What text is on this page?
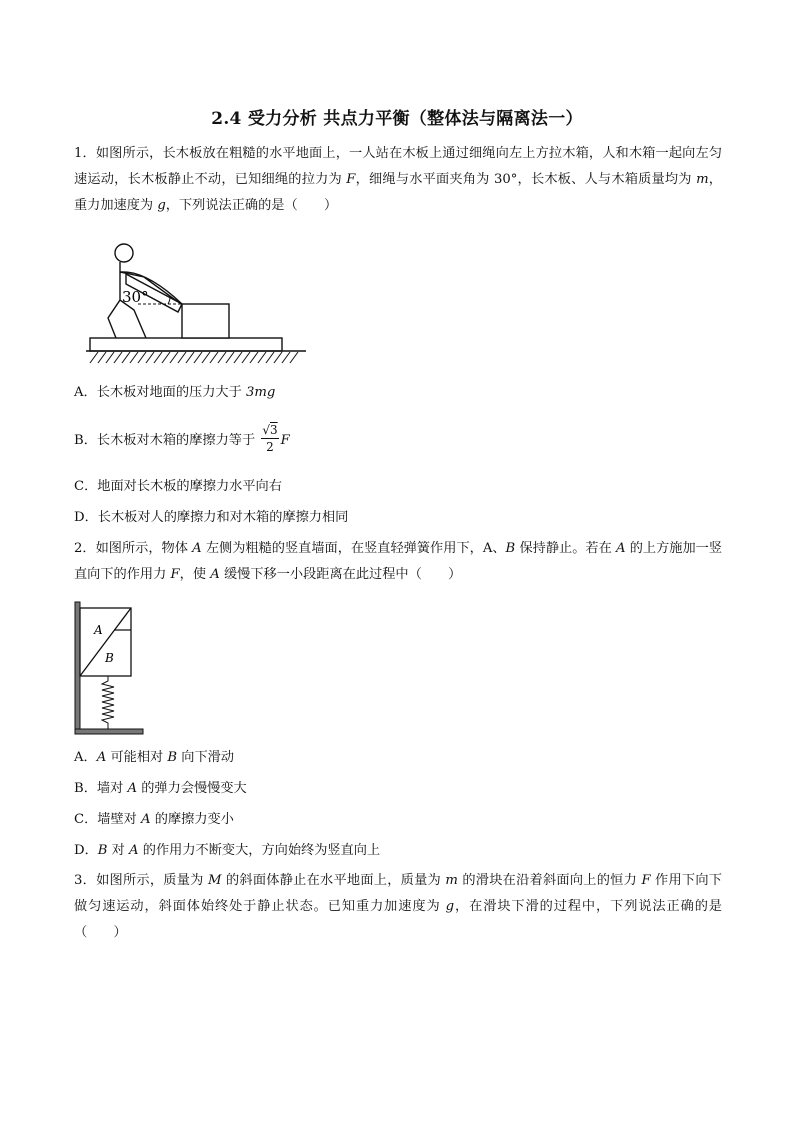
2.4 受力分析 共点力平衡（整体法与隔离法一）

1．如图所示，长木板放在粗糙的水平地面上，一人站在木板上通过细绳向左上方拉木箱，人和木箱一起向左匀速运动，长木板静止不动，已知细绳的拉力为 F，细绳与水平面夹角为 30°，长木板、人与木箱质量均为 m，重力加速度为 g，下列说法正确的是（　　）

30°
A．长木板对地面的压力大于 3mg
B．长木板对木箱的摩擦力等于 $\frac{√3}{2}$ F
C．地面对长木板的摩擦力水平向右
D．长木板对人的摩擦力和对木箱的摩擦力相同

2．如图所示，物体 A 左侧为粗糙的竖直墙面，在竖直轻弹簧作用下，A、B 保持静止。若在 A 的上方施加一竖直向下的作用力 F，使 A 缓慢下移一小段距离在此过程中（　　）

A
B
A．A 可能相对 B 向下滑动
B．墙对 A 的弹力会慢慢变大
C．墙壁对 A 的摩擦力变小
D．B 对 A 的作用力不断变大，方向始终为竖直向上

3．如图所示，质量为 M 的斜面体静止在水平地面上，质量为 m 的滑块在沿着斜面向上的恒力 F 作用下向下做匀速运动，斜面体始终处于静止状态。已知重力加速度为 g，在滑块下滑的过程中，下列说法正确的是（　　）
